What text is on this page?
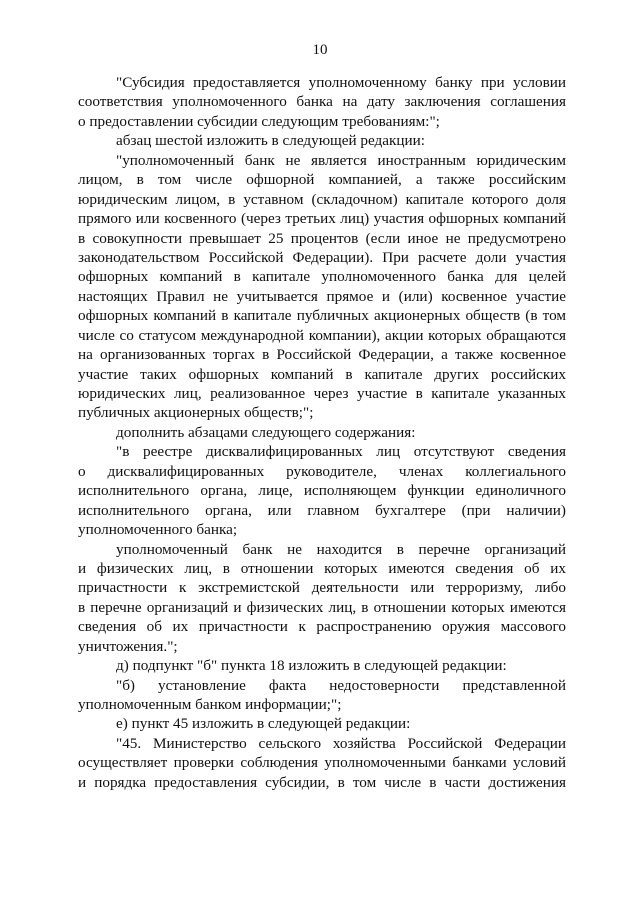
10
"Субсидия предоставляется уполномоченному банку при условии
соответствия уполномоченного банка на дату заключения соглашения
о предоставлении субсидии следующим требованиям:";
абзац шестой изложить в следующей редакции:
"уполномоченный банк не является иностранным юридическим
лицом, в том числе офшорной компанией, а также российским
юридическим лицом, в уставном (складочном) капитале которого доля
прямого или косвенного (через третьих лиц) участия офшорных компаний
в совокупности превышает 25 процентов (если иное не предусмотрено
законодательством Российской Федерации). При расчете доли участия
офшорных компаний в капитале уполномоченного банка для целей
настоящих Правил не учитывается прямое и (или) косвенное участие
офшорных компаний в капитале публичных акционерных обществ (в том
числе со статусом международной компании), акции которых обращаются
на организованных торгах в Российской Федерации, а также косвенное
участие таких офшорных компаний в капитале других российских
юридических лиц, реализованное через участие в капитале указанных
публичных акционерных обществ;";
дополнить абзацами следующего содержания:
"в реестре дисквалифицированных лиц отсутствуют сведения
о дисквалифицированных руководителе, членах коллегиального
исполнительного органа, лице, исполняющем функции единоличного
исполнительного органа, или главном бухгалтере (при наличии)
уполномоченного банка;
уполномоченный банк не находится в перечне организаций
и физических лиц, в отношении которых имеются сведения об их
причастности к экстремистской деятельности или терроризму, либо
в перечне организаций и физических лиц, в отношении которых имеются
сведения об их причастности к распространению оружия массового
уничтожения.";
д) подпункт "б" пункта 18 изложить в следующей редакции:
"б) установление факта недостоверности представленной
уполномоченным банком информации;";
е) пункт 45 изложить в следующей редакции:
"45. Министерство сельского хозяйства Российской Федерации
осуществляет проверки соблюдения уполномоченными банками условий
и порядка предоставления субсидии, в том числе в части достижения
